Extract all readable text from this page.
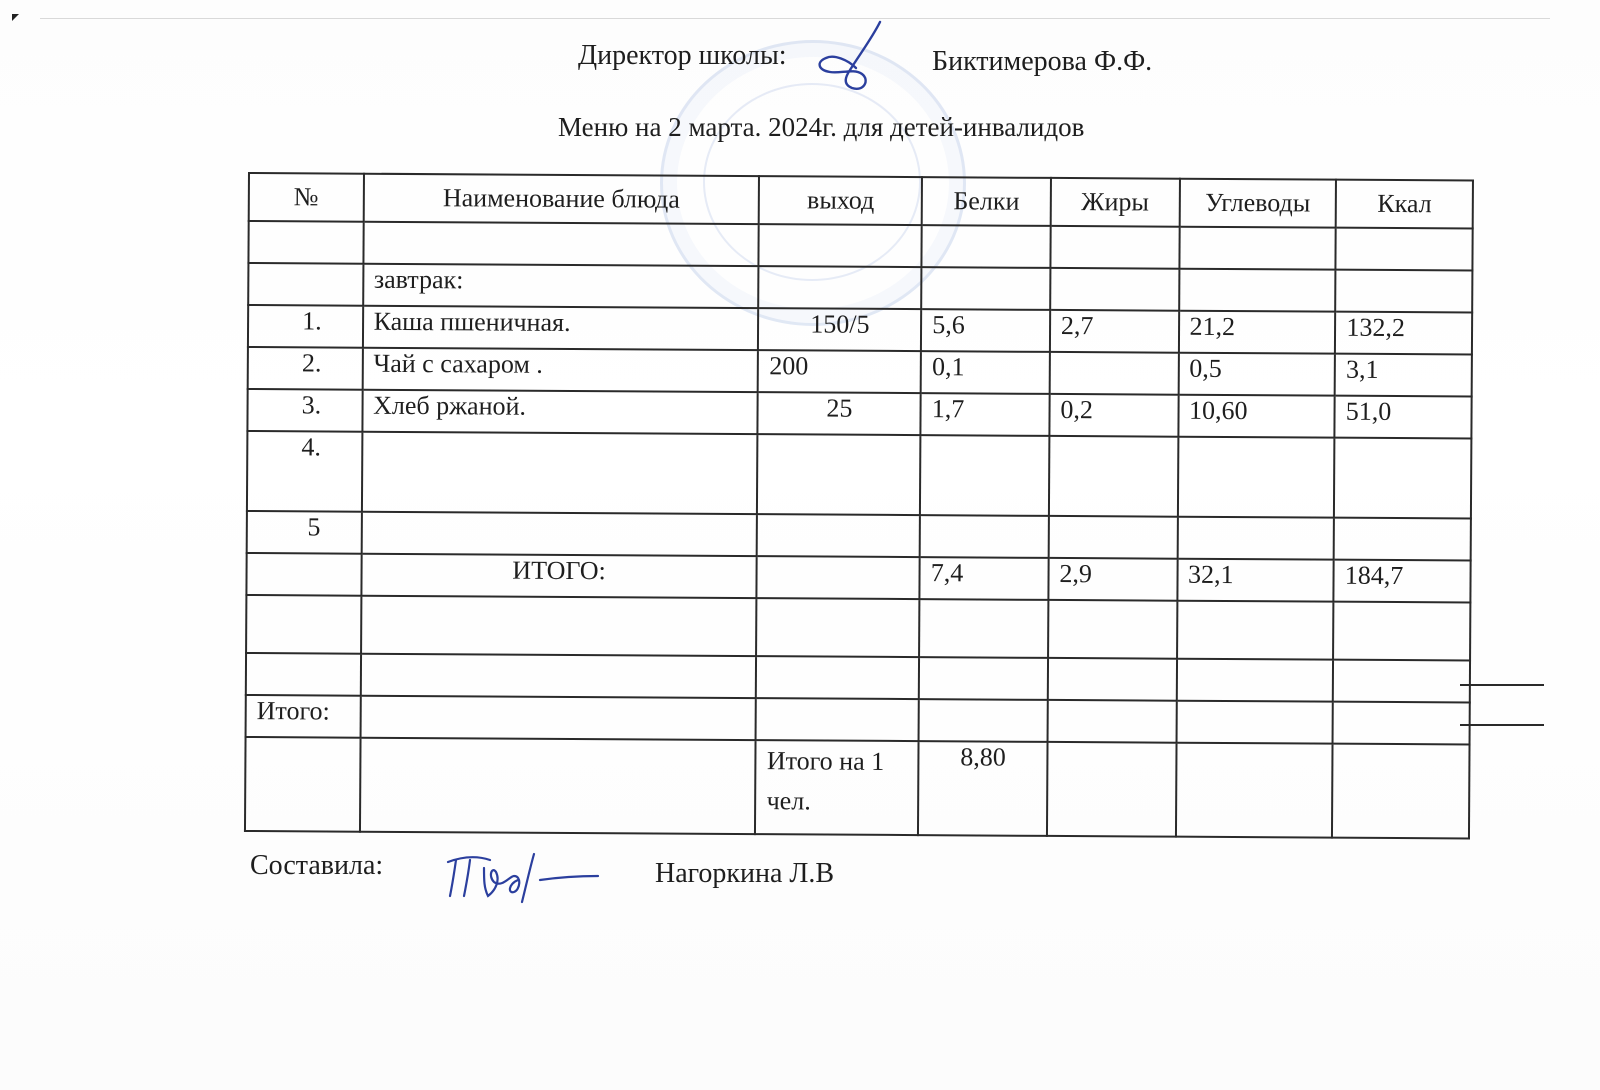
Директор школы:	Биктимерова Ф.Ф.
Меню на 2 марта. 2024г. для детей-инвалидов
№	Наименование блюда	выход	Белки	Жиры	Углеводы	Ккал

	завтрак:					
1.	Каша пшеничная.	150/5	5,6	2,7	21,2	132,2
2.	Чай с сахаром .	200	0,1		0,5	3,1
3.	Хлеб ржаной.	25	1,7	0,2	10,60	51,0
4.						
5						
	ИТОГО:		7,4	2,9	32,1	184,7

Итого:						
		Итого на 1 чел.	8,80			
Составила:	Нагоркина Л.В
